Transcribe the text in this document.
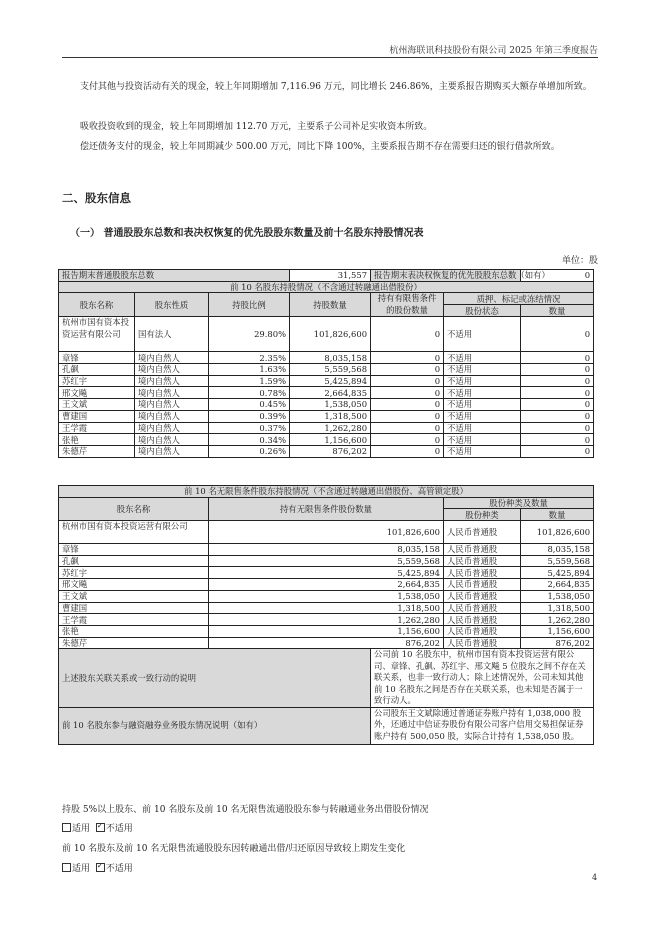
杭州海联讯科技股份有限公司 2025 年第三季度报告

支付其他与投资活动有关的现金，较上年同期增加 7,116.96 万元，同比增长 246.86%，主要系报告期购买大额存单增加所致。

吸收投资收到的现金，较上年同期增加 112.70 万元，主要系子公司补足实收资本所致。

偿还债务支付的现金，较上年同期减少 500.00 万元，同比下降 100%，主要系报告期不存在需要归还的银行借款所致。

二、股东信息
（一） 普通股股东总数和表决权恢复的优先股股东数量及前十名股东持股情况表
单位：股
报告期末普通股股东总数			31,557	报告期末表决权恢复的优先股股东总数（如有）		0
前 10 名股东持股情况（不含通过转融通出借股份）						
股东名称	股东性质	持股比例	持股数量	持有有限售条件的股份数量	质押、标记或冻结情况	
					股份状态	数量
杭州市国有资本投资运营有限公司	国有法人	29.80%	101,826,600	0	不适用	0
章锋	境内自然人	2.35%	8,035,158	0	不适用	0
孔飙	境内自然人	1.63%	5,559,568	0	不适用	0
苏红宇	境内自然人	1.59%	5,425,894	0	不适用	0
邢文飚	境内自然人	0.78%	2,664,835	0	不适用	0
王文斌	境内自然人	0.45%	1,538,050	0	不适用	0
曹建国	境内自然人	0.39%	1,318,500	0	不适用	0
王学霞	境内自然人	0.37%	1,262,280	0	不适用	0
张艳	境内自然人	0.34%	1,156,600	0	不适用	0
朱德芹	境内自然人	0.26%	876,202	0	不适用	0
前 10 名无限售条件股东持股情况（不含通过转融通出借股份、高管锁定股）				
股东名称	持有无限售条件股份数量		股份种类及数量	
			股份种类	数量
杭州市国有资本投资运营有限公司	101,826,600		人民币普通股	101,826,600
章锋	8,035,158		人民币普通股	8,035,158
孔飙	5,559,568		人民币普通股	5,559,568
苏红宇	5,425,894		人民币普通股	5,425,894
邢文飚	2,664,835		人民币普通股	2,664,835
王文斌	1,538,050		人民币普通股	1,538,050
曹建国	1,318,500		人民币普通股	1,318,500
王学霞	1,262,280		人民币普通股	1,262,280
张艳	1,156,600		人民币普通股	1,156,600
朱德芹	876,202		人民币普通股	876,202
上述股东关联关系或一致行动的说明		公司前 10 名股东中，杭州市国有资本投资运营有限公司、章锋、孔飙、苏红宇、邢文飚 5 位股东之间不存在关联关系，也非一致行动人；除上述情况外，公司未知其他前 10 名股东之间是否存在关联关系，也未知是否属于一致行动人。		
前 10 名股东参与融资融券业务股东情况说明（如有）		公司股东王文斌除通过普通证券账户持有 1,038,000 股外，还通过中信证券股份有限公司客户信用交易担保证券账户持有 500,050 股，实际合计持有 1,538,050 股。		

持股 5%以上股东、前 10 名股东及前 10 名无限售流通股股东参与转融通业务出借股份情况

适用 ✓ 不适用

前 10 名股东及前 10 名无限售流通股股东因转融通出借/归还原因导致较上期发生变化

适用 ✓ 不适用

4
